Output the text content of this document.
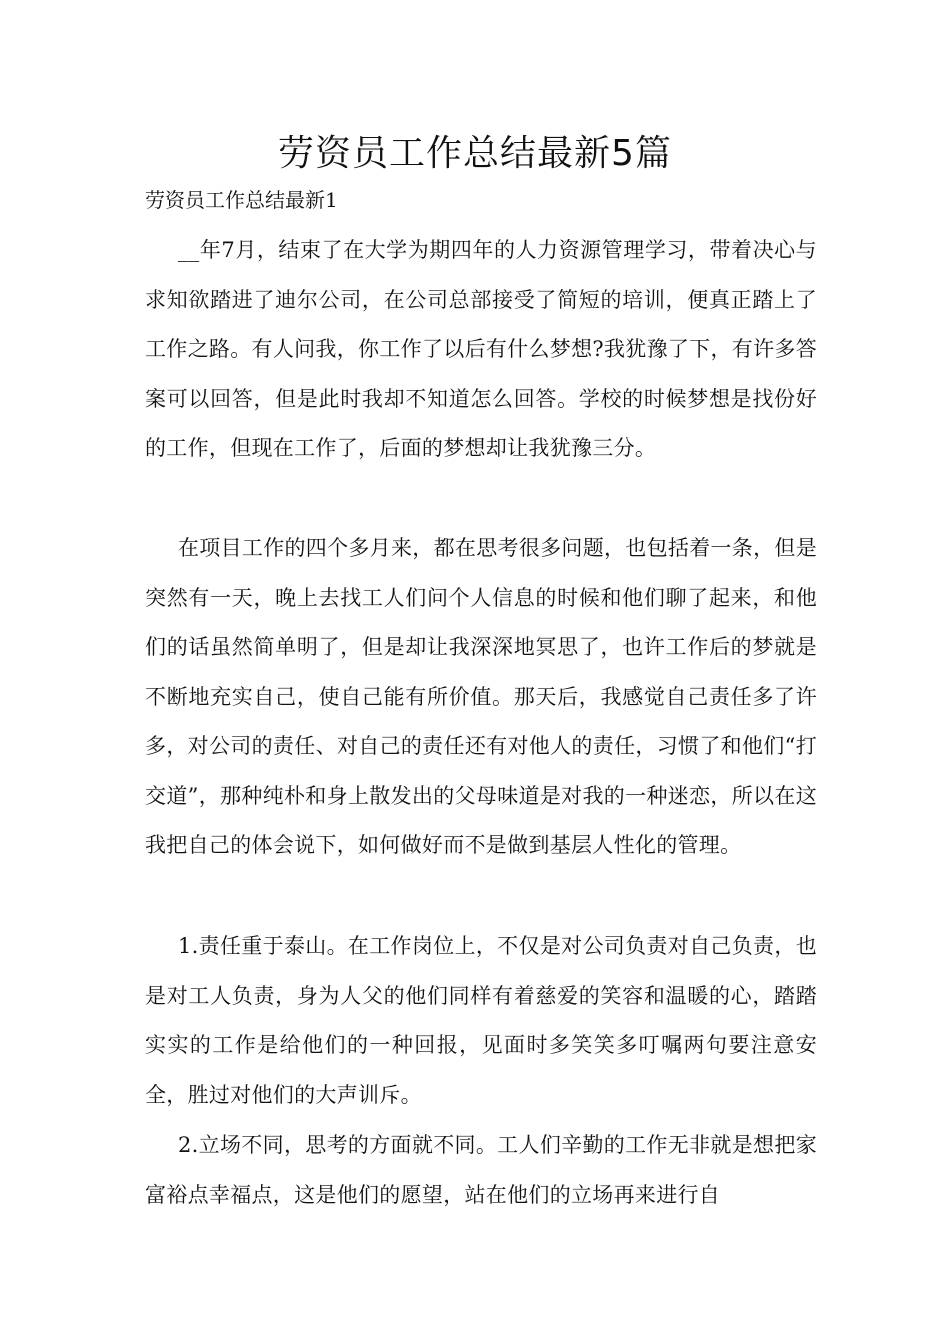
劳资员工作总结最新5篇
劳资员工作总结最新1
__年7月，结束了在大学为期四年的人力资源管理学习，带着决心与求知欲踏进了迪尔公司，在公司总部接受了简短的培训，便真正踏上了工作之路。有人问我，你工作了以后有什么梦想?我犹豫了下，有许多答案可以回答，但是此时我却不知道怎么回答。学校的时候梦想是找份好的工作，但现在工作了，后面的梦想却让我犹豫三分。
在项目工作的四个多月来，都在思考很多问题，也包括着一条，但是突然有一天，晚上去找工人们问个人信息的时候和他们聊了起来，和他们的话虽然简单明了，但是却让我深深地冥思了，也许工作后的梦就是不断地充实自己，使自己能有所价值。那天后，我感觉自己责任多了许多，对公司的责任、对自己的责任还有对他人的责任，习惯了和他们“打交道”，那种纯朴和身上散发出的父母味道是对我的一种迷恋，所以在这我把自己的体会说下，如何做好而不是做到基层人性化的管理。
1.责任重于泰山。在工作岗位上，不仅是对公司负责对自己负责，也是对工人负责，身为人父的他们同样有着慈爱的笑容和温暖的心，踏踏实实的工作是给他们的一种回报，见面时多笑笑多叮嘱两句要注意安全，胜过对他们的大声训斥。
2.立场不同，思考的方面就不同。工人们辛勤的工作无非就是想把家富裕点幸福点，这是他们的愿望，站在他们的立场再来进行自
